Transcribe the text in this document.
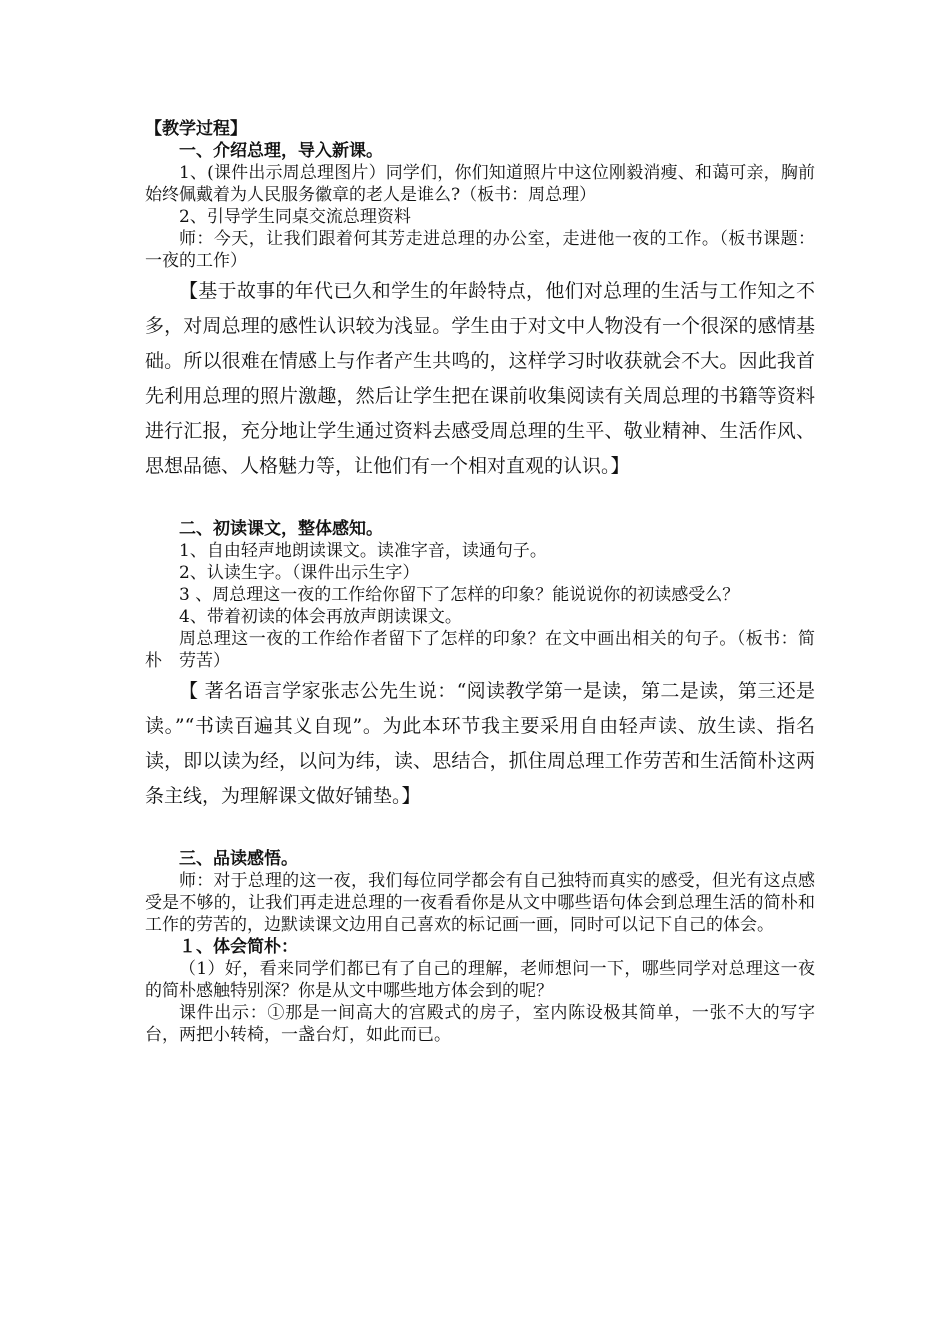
【教学过程】

一、介绍总理，导入新课。

1、(课件出示周总理图片）同学们，你们知道照片中这位刚毅消瘦、和蔼可亲，胸前始终佩戴着为人民服务徽章的老人是谁么?（板书：周总理）

2、引导学生同桌交流总理资料

师：今天，让我们跟着何其芳走进总理的办公室，走进他一夜的工作。（板书课题：一夜的工作）

【基于故事的年代已久和学生的年龄特点，他们对总理的生活与工作知之不多，对周总理的感性认识较为浅显。学生由于对文中人物没有一个很深的感情基础。所以很难在情感上与作者产生共鸣的，这样学习时收获就会不大。因此我首先利用总理的照片激趣，然后让学生把在课前收集阅读有关周总理的书籍等资料进行汇报，充分地让学生通过资料去感受周总理的生平、敬业精神、生活作风、思想品德、人格魅力等，让他们有一个相对直观的认识。】

二、初读课文，整体感知。

1、自由轻声地朗读课文。读准字音，读通句子。

2、认读生字。（课件出示生字）

3 、周总理这一夜的工作给你留下了怎样的印象？能说说你的初读感受么？

4、带着初读的体会再放声朗读课文。

周总理这一夜的工作给作者留下了怎样的印象？在文中画出相关的句子。（板书：简朴　劳苦）

【 著名语言学家张志公先生说：“阅读教学第一是读，第二是读，第三还是读。”“书读百遍其义自现”。为此本环节我主要采用自由轻声读、放生读、指名读，即以读为经，以问为纬，读、思结合，抓住周总理工作劳苦和生活简朴这两条主线，为理解课文做好铺垫。】

三、品读感悟。

师：对于总理的这一夜，我们每位同学都会有自己独特而真实的感受，但光有这点感受是不够的，让我们再走进总理的一夜看看你是从文中哪些语句体会到总理生活的简朴和工作的劳苦的，边默读课文边用自己喜欢的标记画一画，同时可以记下自己的体会。

１、体会简朴：

（1）好，看来同学们都已有了自己的理解，老师想问一下，哪些同学对总理这一夜的简朴感触特别深？你是从文中哪些地方体会到的呢？

课件出示：①那是一间高大的宫殿式的房子，室内陈设极其简单，一张不大的写字台，两把小转椅，一盏台灯，如此而已。
